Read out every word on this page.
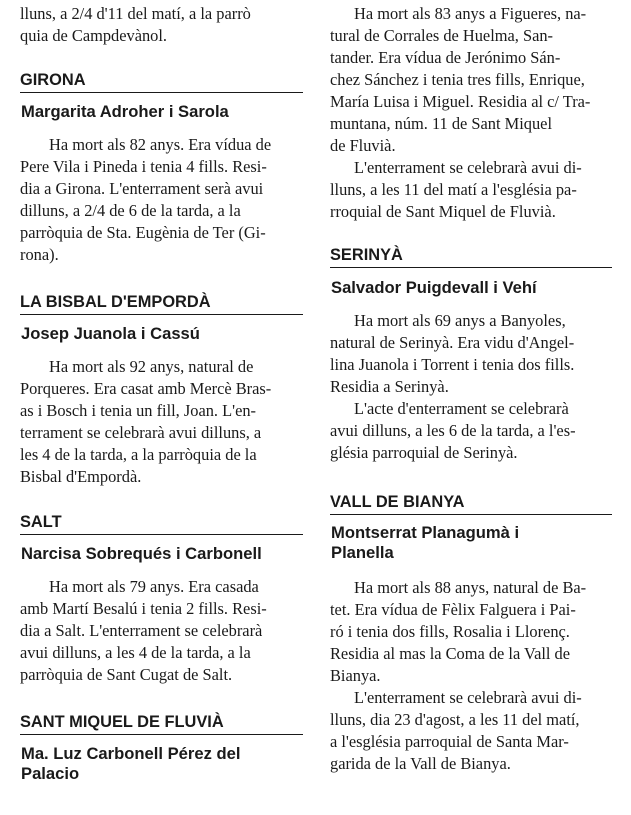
lluns, a 2/4 d'11 del matí, a la parrò
quia de Campdevànol.

GIRONA
Margarita Adroher i Sarola

Ha mort als 82 anys. Era vídua de
Pere Vila i Pineda i tenia 4 fills. Resi-
dia a Girona. L'enterrament serà avui
dilluns, a 2/4 de 6 de la tarda, a la
parròquia de Sta. Eugènia de Ter (Gi-
rona).

LA BISBAL D'EMPORDÀ
Josep Juanola i Cassú

Ha mort als 92 anys, natural de
Porqueres. Era casat amb Mercè Bras-
as i Bosch i tenia un fill, Joan. L'en-
terrament se celebrarà avui dilluns, a
les 4 de la tarda, a la parròquia de la
Bisbal d'Empordà.

SALT
Narcisa Sobrequés i Carbonell

Ha mort als 79 anys. Era casada
amb Martí Besalú i tenia 2 fills. Resi-
dia a Salt. L'enterrament se celebrarà
avui dilluns, a les 4 de la tarda, a la
parròquia de Sant Cugat de Salt.

SANT MIQUEL DE FLUVIÀ
Ma. Luz Carbonell Pérez del
Palacio

Ha mort als 83 anys a Figueres, na-
tural de Corrales de Huelma, San-
tander. Era vídua de Jerónimo Sán-
chez Sánchez i tenia tres fills, Enrique,
María Luisa i Miguel. Residia al c/ Tra-
muntana, núm. 11 de Sant Miquel
de Fluvià.

L'enterrament se celebrarà avui di-
lluns, a les 11 del matí a l'església pa-
rroquial de Sant Miquel de Fluvià.

SERINYÀ
Salvador Puigdevall i Vehí

Ha mort als 69 anys a Banyoles,
natural de Serinyà. Era vidu d'Angel-
lina Juanola i Torrent i tenia dos fills.
Residia a Serinyà.

L'acte d'enterrament se celebrarà
avui dilluns, a les 6 de la tarda, a l'es-
glésia parroquial de Serinyà.

VALL DE BIANYA
Montserrat Planagumà i
Planella

Ha mort als 88 anys, natural de Ba-
tet. Era vídua de Fèlix Falguera i Pai-
ró i tenia dos fills, Rosalia i Llorenç.
Residia al mas la Coma de la Vall de
Bianya.

L'enterrament se celebrarà avui di-
lluns, dia 23 d'agost, a les 11 del matí,
a l'església parroquial de Santa Mar-
garida de la Vall de Bianya.
